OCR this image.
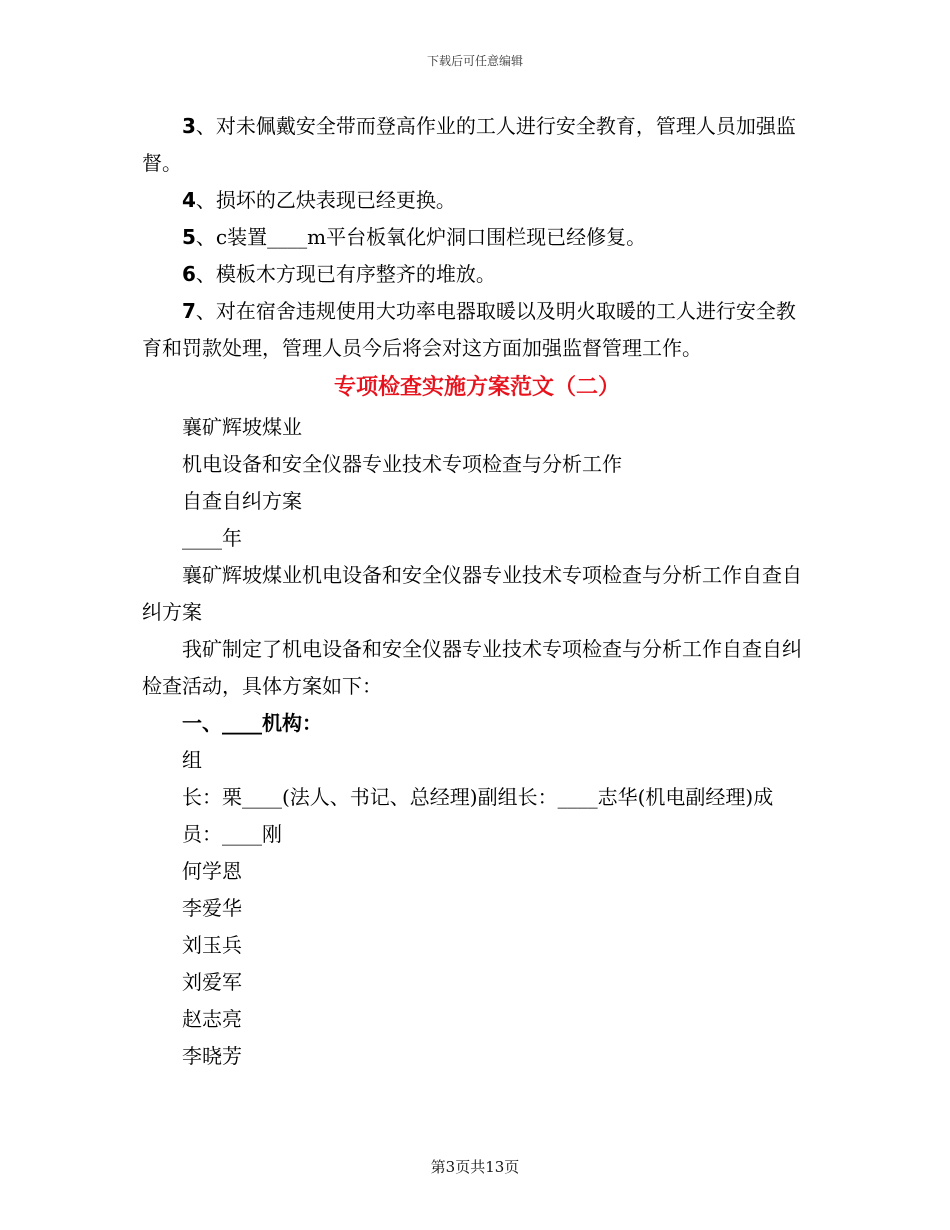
下载后可任意编辑

3、对未佩戴安全带而登高作业的工人进行安全教育，管理人员加强监督。

4、损坏的乙炔表现已经更换。

5、c装置____m平台板氧化炉洞口围栏现已经修复。

6、模板木方现已有序整齐的堆放。

7、对在宿舍违规使用大功率电器取暖以及明火取暖的工人进行安全教育和罚款处理，管理人员今后将会对这方面加强监督管理工作。

专项检查实施方案范文（二）

襄矿辉坡煤业

机电设备和安全仪器专业技术专项检查与分析工作

自查自纠方案

____年

襄矿辉坡煤业机电设备和安全仪器专业技术专项检查与分析工作自查自纠方案

我矿制定了机电设备和安全仪器专业技术专项检查与分析工作自查自纠检查活动，具体方案如下：

一、____机构：

组

长：栗____(法人、书记、总经理)副组长：____志华(机电副经理)成

员：____刚

何学恩

李爱华

刘玉兵

刘爱军

赵志亮

李晓芳

第3页共13页
